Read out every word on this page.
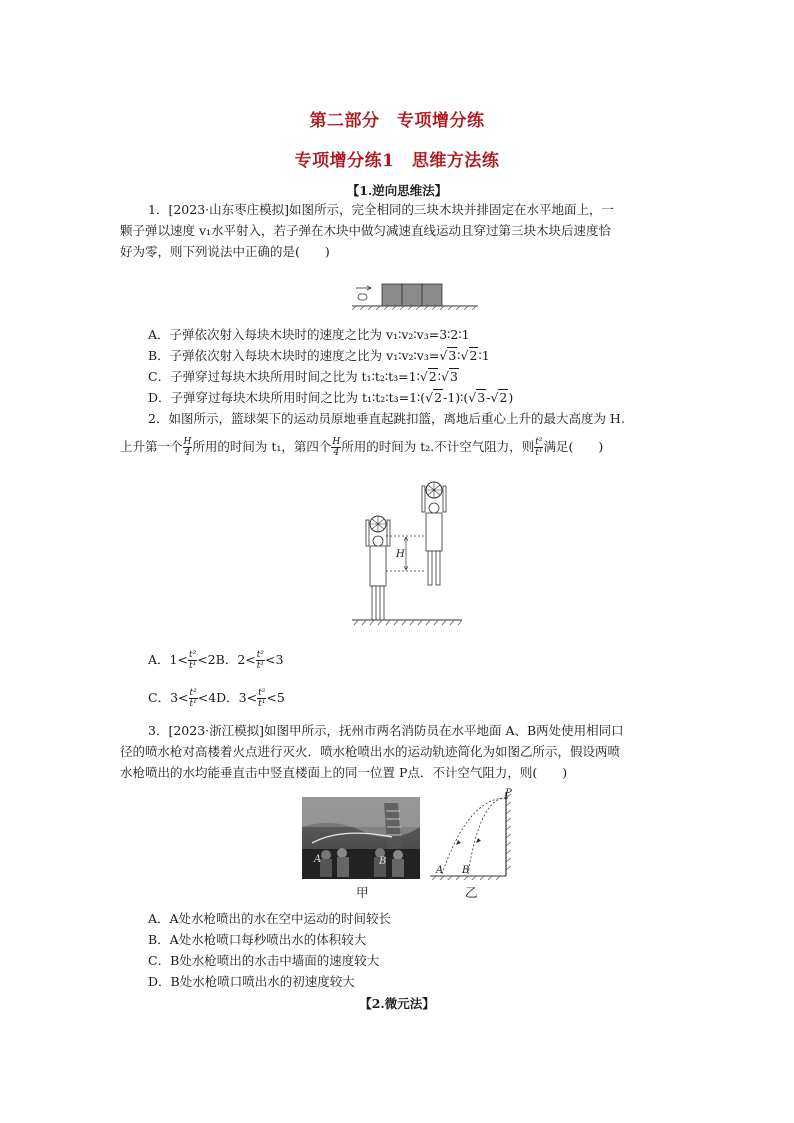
第二部分　专项增分练
专项增分练1　思维方法练
【1.逆向思维法】
1．[2023·山东枣庄模拟]如图所示，完全相同的三块木块并排固定在水平地面上，一
颗子弹以速度 v₁水平射入，若子弹在木块中做匀减速直线运动且穿过第三块木块后速度恰
好为零，则下列说法中正确的是(　　)
A．子弹依次射入每块木块时的速度之比为 v₁∶v₂∶v₃=3∶2∶1
B．子弹依次射入每块木块时的速度之比为 v₁∶v₂∶v₃=√3∶√2∶1
C．子弹穿过每块木块所用时间之比为 t₁∶t₂∶t₃=1∶√2∶√3
D．子弹穿过每块木块所用时间之比为 t₁∶t₂∶t₃=1∶(√2-1)∶(√3-√2)
2．如图所示，篮球架下的运动员原地垂直起跳扣篮，离地后重心上升的最大高度为 H.
上升第一个 $\frac{H}{4}$ 所用的时间为 t₁，第四个 $\frac{H}{4}$ 所用的时间为 t₂.不计空气阻力，则 $\frac{\text{t²}}{\text{t¹}}$ 满足(　　)
H
A．$1< \frac{\text{t²}}{\text{t¹}} <2B$．$2< \frac{\text{t²}}{\text{t¹}} <3$
C．$3< \frac{\text{t²}}{\text{t¹}} <4D$．$3< \frac{\text{t²}}{\text{t¹}} <5$
3．[2023·浙江模拟]如图甲所示，抚州市两名消防员在水平地面 A、B两处使用相同口
径的喷水枪对高楼着火点进行灭火．喷水枪喷出水的运动轨迹简化为如图乙所示，假设两喷
水枪喷出的水均能垂直击中竖直楼面上的同一位置 P点．不计空气阻力，则(　　)
A	B
P
A B
甲	乙
A．A处水枪喷出的水在空中运动的时间较长
B．A处水枪喷口每秒喷出水的体积较大
C．B处水枪喷出的水击中墙面的速度较大
D．B处水枪喷口喷出水的初速度较大
【2.微元法】
